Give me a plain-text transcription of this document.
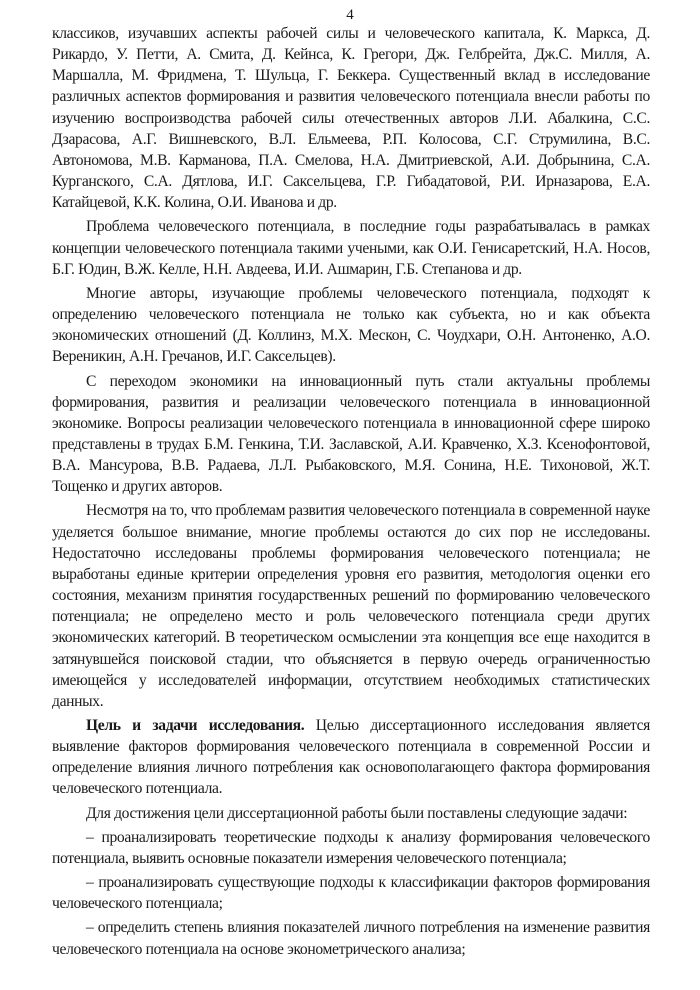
4

классиков, изучавших аспекты рабочей силы и человеческого капитала, К. Маркса, Д. Рикардо, У. Петти, А. Смита, Д. Кейнса, К. Грегори, Дж. Гелбрейта, Дж.С. Милля, А. Маршалла, М. Фридмена, Т. Шульца, Г. Беккера. Существенный вклад в исследование различных аспектов формирования и развития человеческого потенциала внесли работы по изучению воспроизводства рабочей силы отечественных авторов Л.И. Абалкина, С.С. Дзарасова, А.Г. Вишневского, В.Л. Ельмеева, Р.П. Колосова, С.Г. Струмилина, В.С. Автономова, М.В. Карманова, П.А. Смелова, Н.А. Дмитриевской, А.И. Добрынина, С.А. Курганского, С.А. Дятлова, И.Г. Саксельцева, Г.Р. Гибадатовой, Р.И. Ирназарова, Е.А. Катайцевой, К.К. Колина, О.И. Иванова и др.

Проблема человеческого потенциала, в последние годы разрабатывалась в рамках концепции человеческого потенциала такими учеными, как О.И. Генисаретский, Н.А. Носов, Б.Г. Юдин, В.Ж. Келле, Н.Н. Авдеева, И.И. Ашмарин, Г.Б. Степанова и др.

Многие авторы, изучающие проблемы человеческого потенциала, подходят к определению человеческого потенциала не только как субъекта, но и как объекта экономических отношений (Д. Коллинз, М.Х. Мескон, С. Чоудхари, О.Н. Антоненко, А.О. Вереникин, А.Н. Гречанов, И.Г. Саксельцев).

С переходом экономики на инновационный путь стали актуальны проблемы формирования, развития и реализации человеческого потенциала в инновационной экономике. Вопросы реализации человеческого потенциала в инновационной сфере широко представлены в трудах Б.М. Генкина, Т.И. Заславской, А.И. Кравченко, Х.З. Ксенофонтовой, В.А. Мансурова, В.В. Радаева, Л.Л. Рыбаковского, М.Я. Сонина, Н.Е. Тихоновой, Ж.Т. Тощенко и других авторов.

Несмотря на то, что проблемам развития человеческого потенциала в современной науке уделяется большое внимание, многие проблемы остаются до сих пор не исследованы. Недостаточно исследованы проблемы формирования человеческого потенциала; не выработаны единые критерии определения уровня его развития, методология оценки его состояния, механизм принятия государственных решений по формированию человеческого потенциала; не определено место и роль человеческого потенциала среди других экономических категорий. В теоретическом осмыслении эта концепция все еще находится в затянувшейся поисковой стадии, что объясняется в первую очередь ограниченностью имеющейся у исследователей информации, отсутствием необходимых статистических данных.

Цель и задачи исследования. Целью диссертационного исследования является выявление факторов формирования человеческого потенциала в современной России и определение влияния личного потребления как основополагающего фактора формирования человеческого потенциала.

Для достижения цели диссертационной работы были поставлены следующие задачи:

– проанализировать теоретические подходы к анализу формирования человеческого потенциала, выявить основные показатели измерения человеческого потенциала;

– проанализировать существующие подходы к классификации факторов формирования человеческого потенциала;

– определить степень влияния показателей личного потребления на изменение развития человеческого потенциала на основе эконометрического анализа;
